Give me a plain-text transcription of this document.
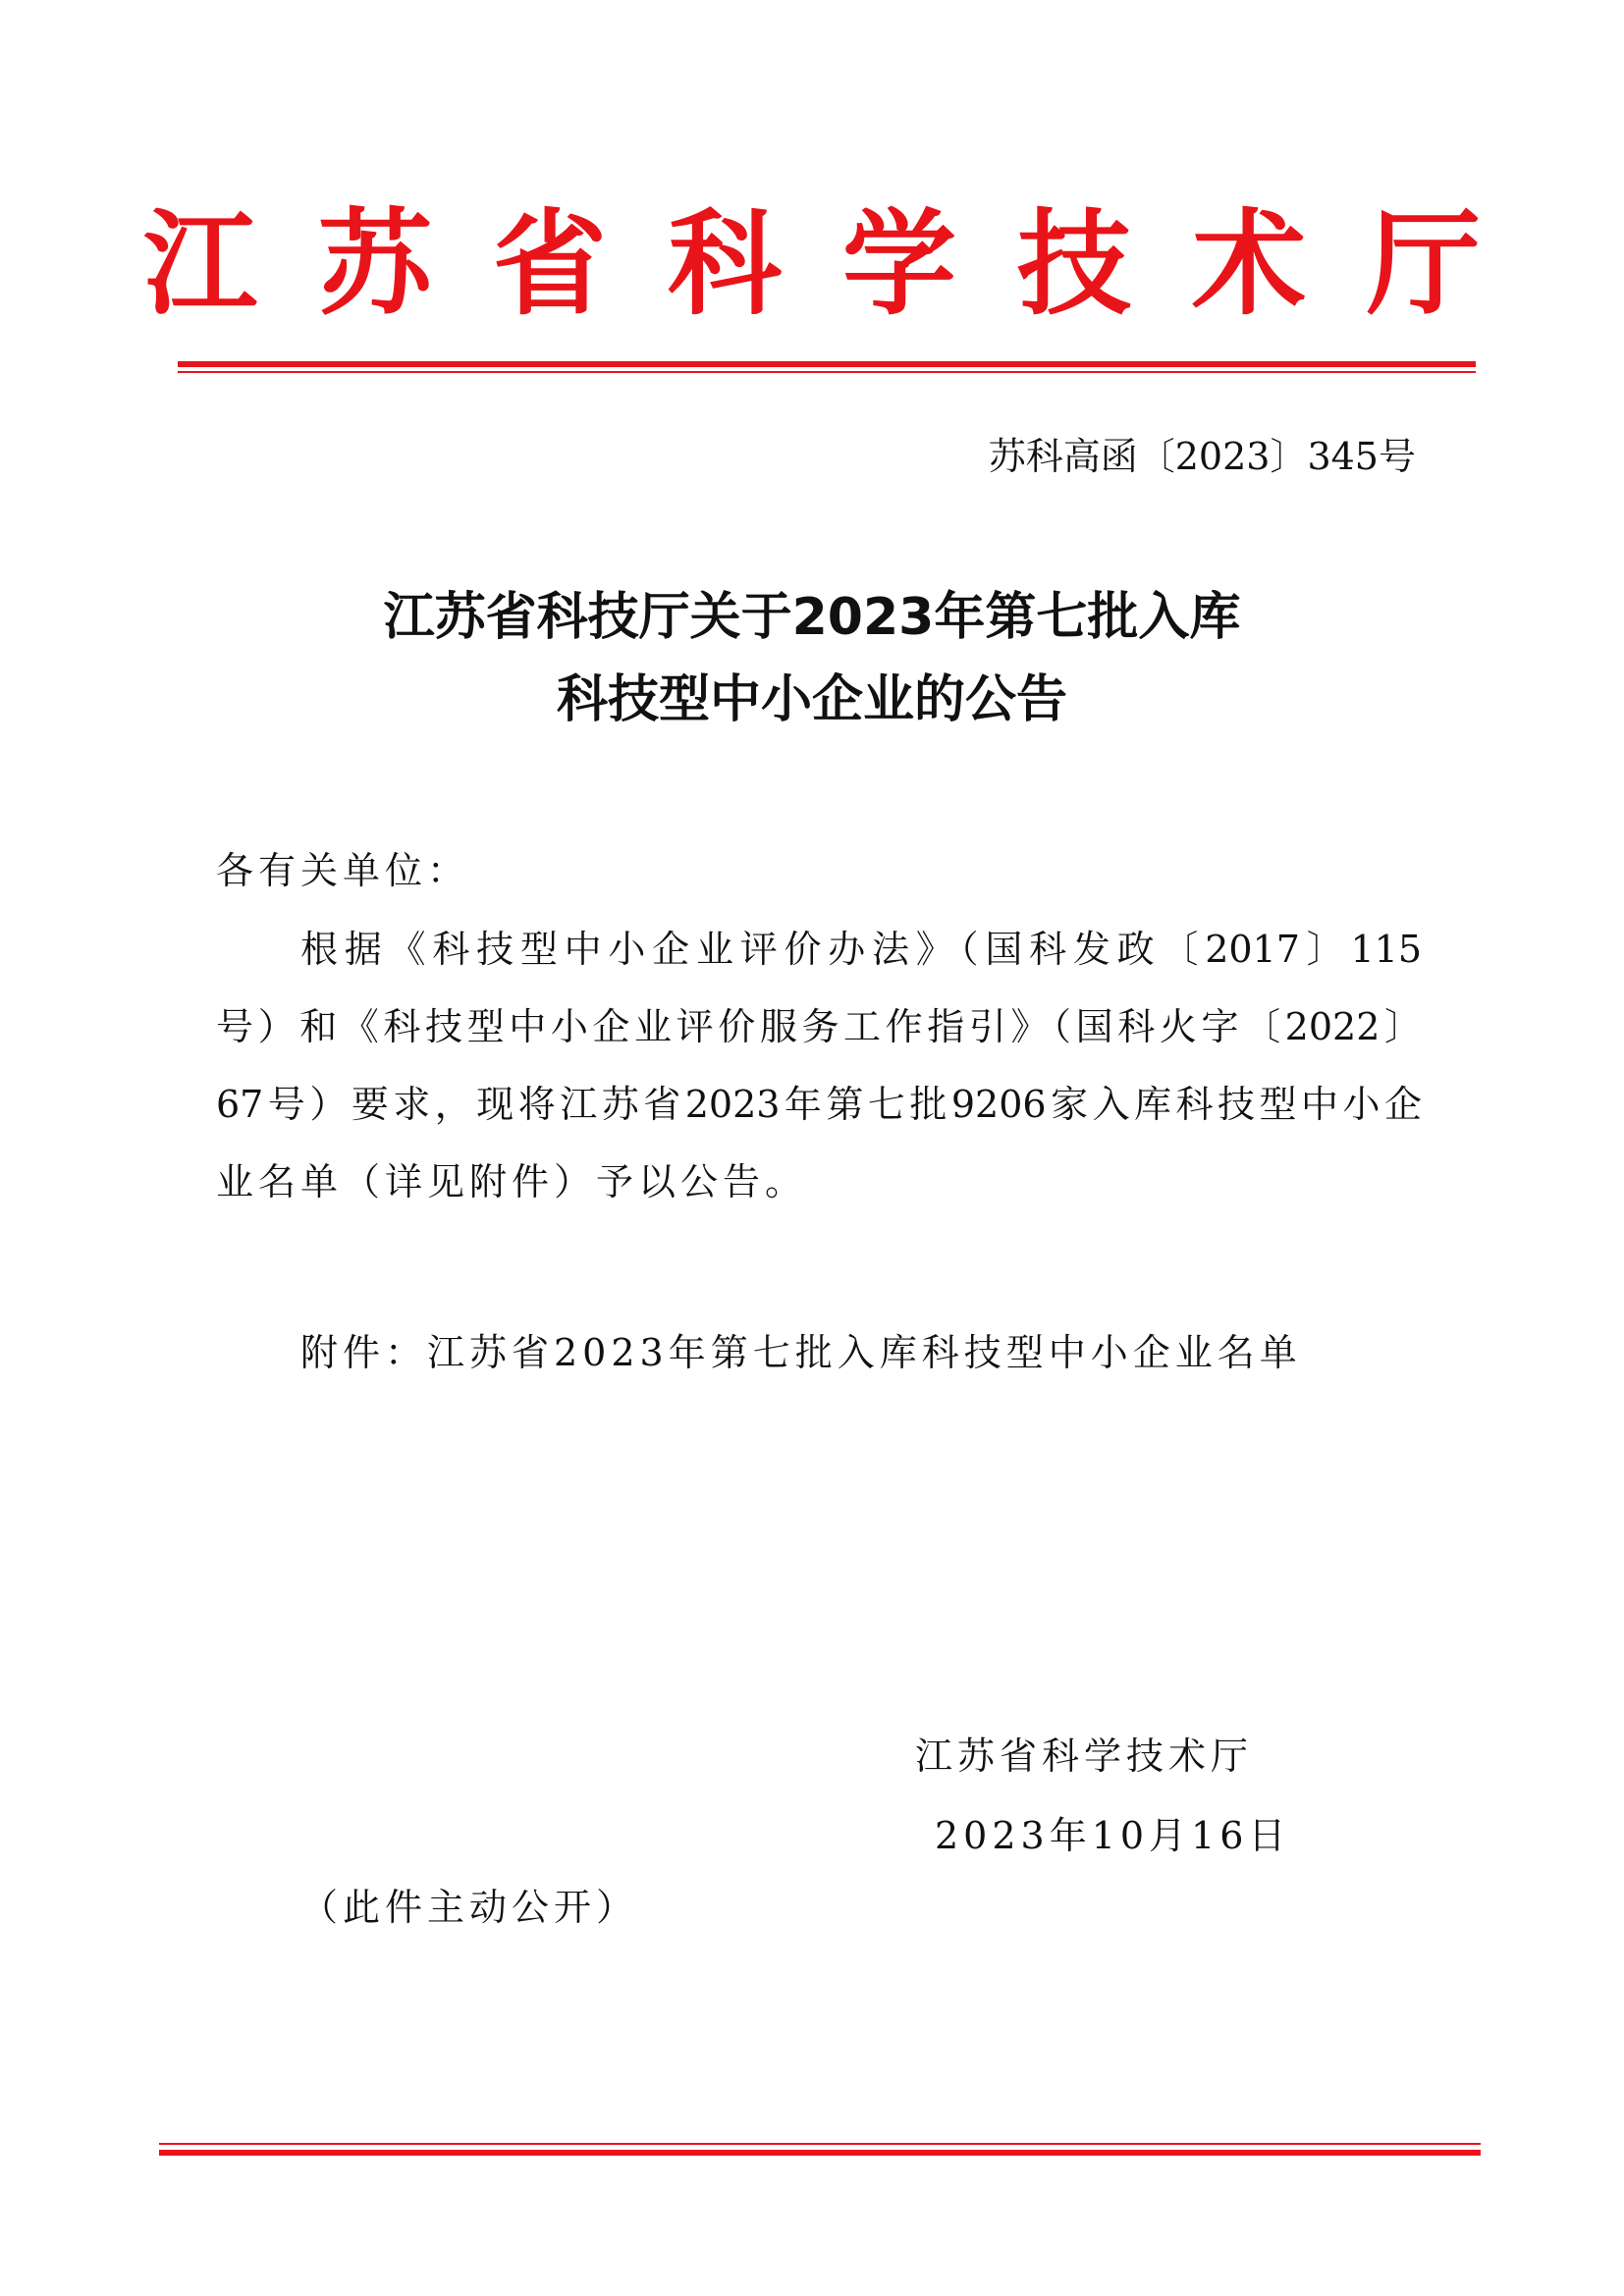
江苏省科学技术厅
苏科高函〔2023〕345号
江苏省科技厅关于2023年第七批入库
科技型中小企业的公告
各有关单位：
根据《科技型中小企业评价办法》（国科发政〔2017〕115
号）和《科技型中小企业评价服务工作指引》（国科火字〔2022〕
67号）要求，现将江苏省2023年第七批9206家入库科技型中小企
业名单（详见附件）予以公告。
附件：江苏省2023年第七批入库科技型中小企业名单
江苏省科学技术厅
2023年10月16日
（此件主动公开）
